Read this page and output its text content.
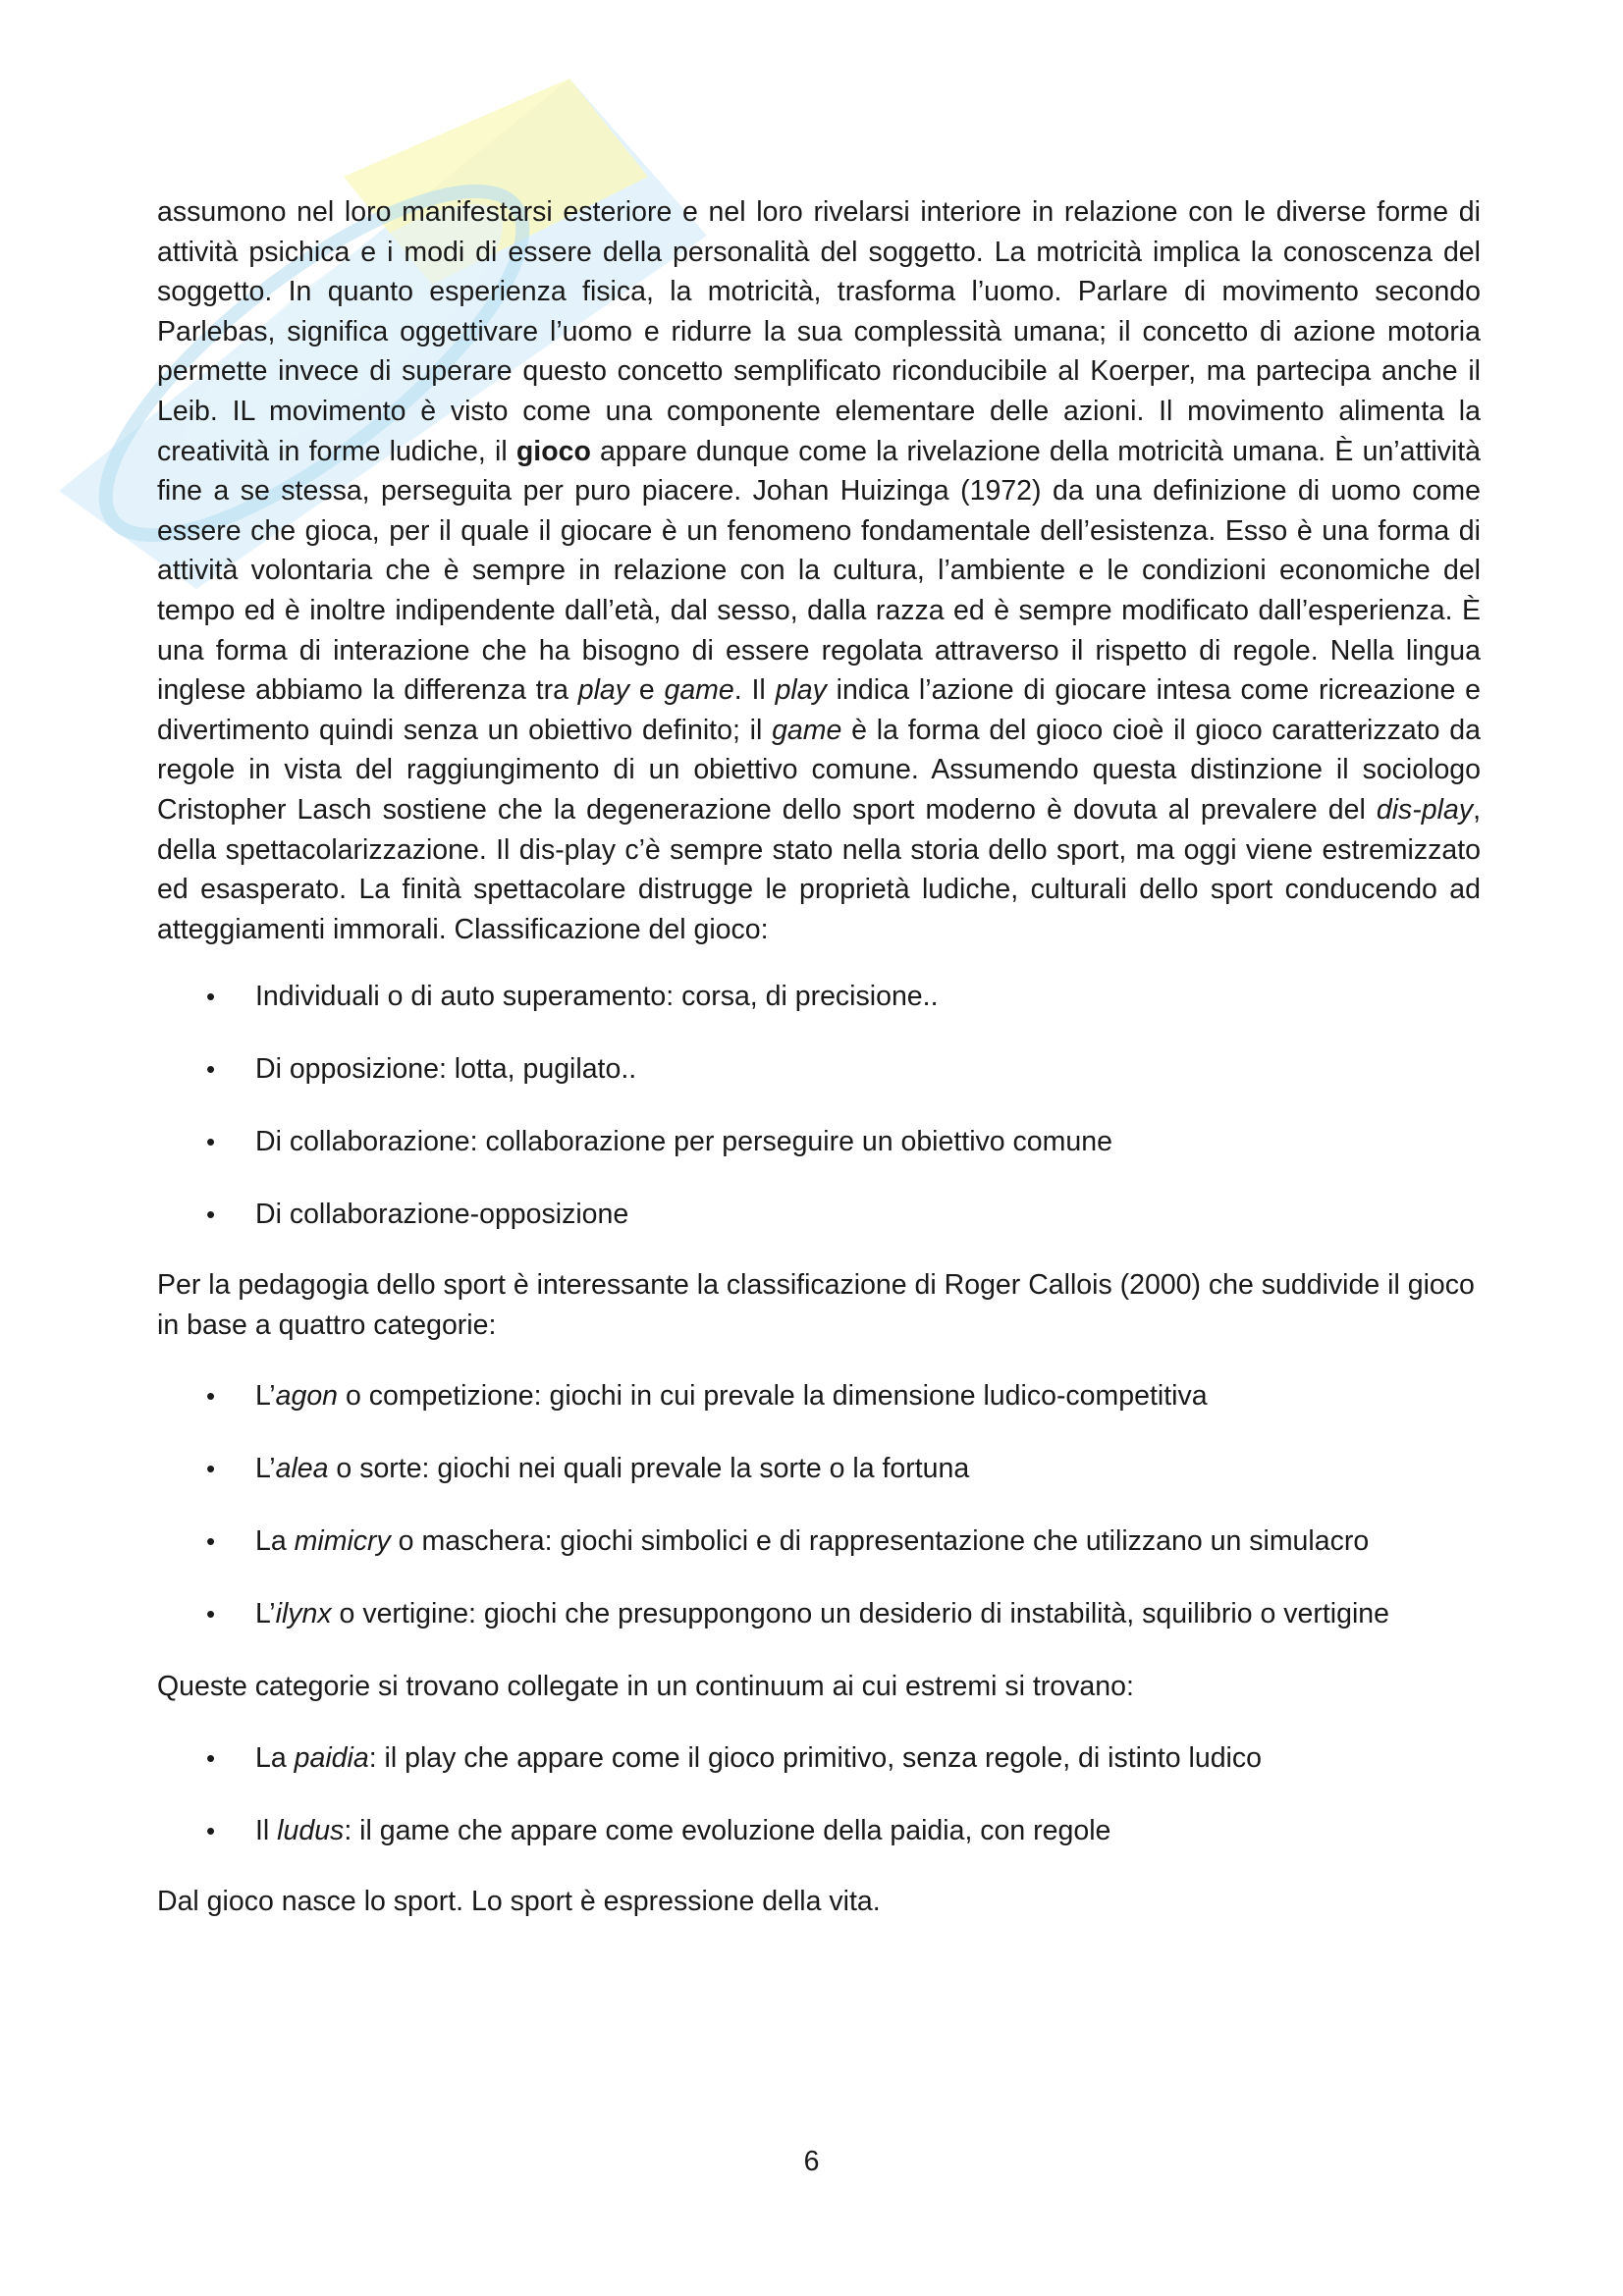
assumono nel loro manifestarsi esteriore e nel loro rivelarsi interiore in relazione con le diverse forme di attività psichica e i modi di essere della personalità del soggetto. La motricità implica la conoscenza del soggetto. In quanto esperienza fisica, la motricità, trasforma l’uomo. Parlare di movimento secondo Parlebas, significa oggettivare l’uomo e ridurre la sua complessità umana; il concetto di azione motoria permette invece di superare questo concetto semplificato riconducibile al Koerper, ma partecipa anche il Leib. IL movimento è visto come una componente elementare delle azioni. Il movimento alimenta la creatività in forme ludiche, il gioco appare dunque come la rivelazione della motricità umana. È un’attività fine a se stessa, perseguita per puro piacere. Johan Huizinga (1972) da una definizione di uomo come essere che gioca, per il quale il giocare è un fenomeno fondamentale dell’esistenza. Esso è una forma di attività volontaria che è sempre in relazione con la cultura, l’ambiente e le condizioni economiche del tempo ed è inoltre indipendente dall’età, dal sesso, dalla razza ed è sempre modificato dall’esperienza. È una forma di interazione che ha bisogno di essere regolata attraverso il rispetto di regole. Nella lingua inglese abbiamo la differenza tra play e game. Il play indica l’azione di giocare intesa come ricreazione e divertimento quindi senza un obiettivo definito; il game è la forma del gioco cioè il gioco caratterizzato da regole in vista del raggiungimento di un obiettivo comune. Assumendo questa distinzione il sociologo Cristopher Lasch sostiene che la degenerazione dello sport moderno è dovuta al prevalere del dis-play, della spettacolarizzazione. Il dis-play c’è sempre stato nella storia dello sport, ma oggi viene estremizzato ed esasperato. La finità spettacolare distrugge le proprietà ludiche, culturali dello sport conducendo ad atteggiamenti immorali. Classificazione del gioco:

• Individuali o di auto superamento: corsa, di precisione..
• Di opposizione: lotta, pugilato..
• Di collaborazione: collaborazione per perseguire un obiettivo comune
• Di collaborazione-opposizione

Per la pedagogia dello sport è interessante la classificazione di Roger Callois (2000) che suddivide il gioco in base a quattro categorie:

• L’agon o competizione: giochi in cui prevale la dimensione ludico-competitiva
• L’alea o sorte: giochi nei quali prevale la sorte o la fortuna
• La mimicry o maschera: giochi simbolici e di rappresentazione che utilizzano un simulacro
• L’ilynx o vertigine: giochi che presuppongono un desiderio di instabilità, squilibrio o vertigine

Queste categorie si trovano collegate in un continuum ai cui estremi si trovano:

• La paidia: il play che appare come il gioco primitivo, senza regole, di istinto ludico
• Il ludus: il game che appare come evoluzione della paidia, con regole

Dal gioco nasce lo sport. Lo sport è espressione della vita.

6
